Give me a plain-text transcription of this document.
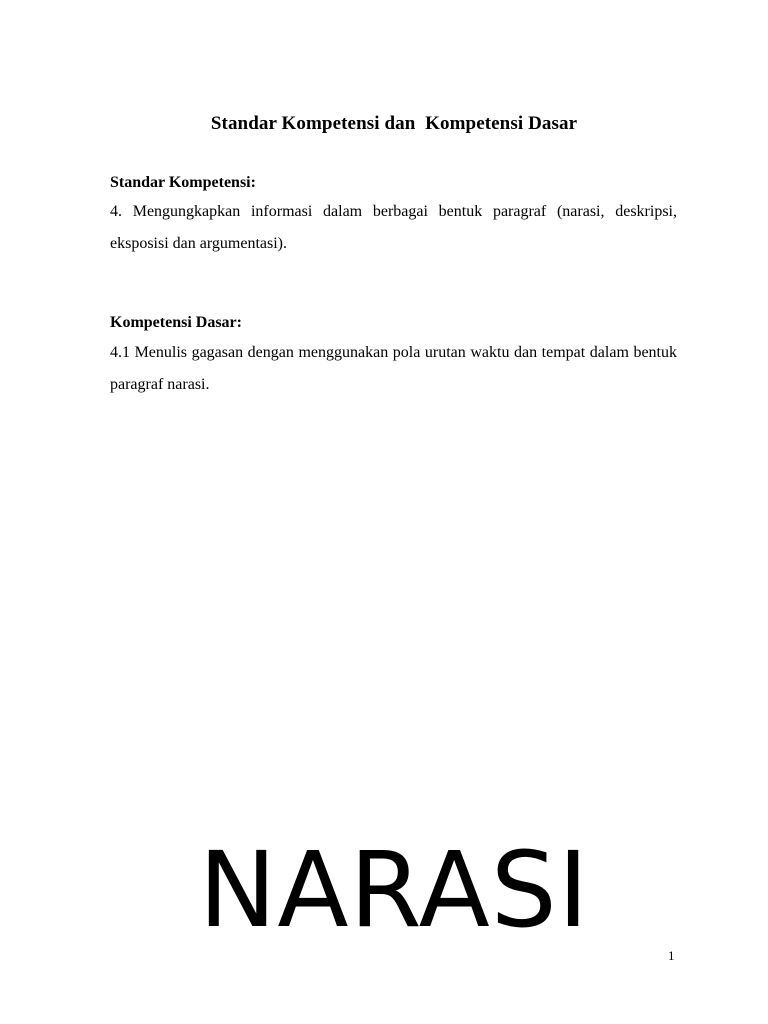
Standar Kompetensi dan  Kompetensi Dasar

Standar Kompetensi:

4. Mengungkapkan informasi dalam berbagai bentuk paragraf (narasi, deskripsi, eksposisi dan argumentasi).

Kompetensi Dasar:

4.1 Menulis gagasan dengan menggunakan pola urutan waktu dan tempat dalam bentuk paragraf narasi.

NARASI
1
